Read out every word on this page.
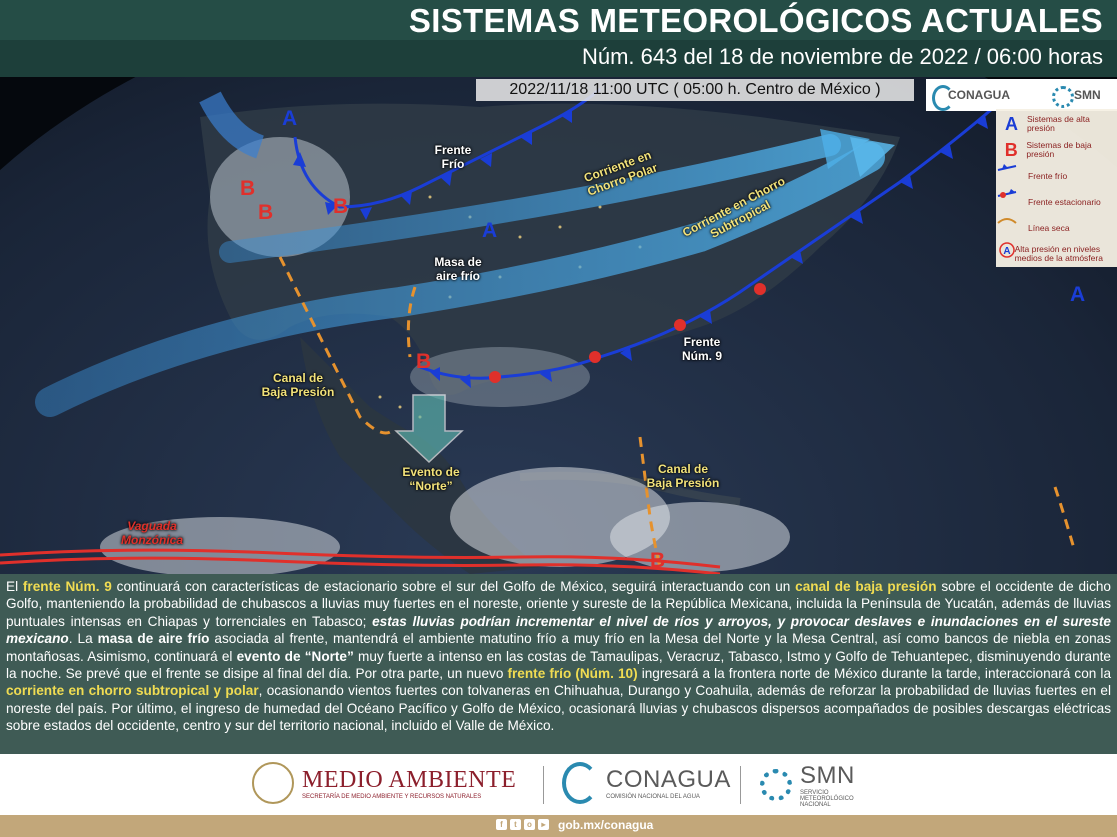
SISTEMAS METEOROLÓGICOS ACTUALES
Núm. 643 del 18 de noviembre de 2022 / 06:00 horas
2022/11/18 11:00 UTC ( 05:00 h. Centro de México )	CONAGUA	SMN
A	Sistemas de alta presión
B	Sistemas de baja presión
Frente frío
Frente estacionario
Línea seca
A Alta presión en niveles medios de la atmósfera
A
A
A
B
B	B
B
B
Frente Frío	Corriente en Chorro Polar	Corriente en Chorro Subtropical
Masa de aire frío
Frente Núm. 9
Canal de Baja Presión
Canal de Baja Presión
Evento de “Norte”
Vaguada Monzónica

El frente Núm. 9 continuará con características de estacionario sobre el sur del Golfo de México, seguirá interactuando con un canal de baja presión sobre el occidente de dicho Golfo, manteniendo la probabilidad de chubascos a lluvias muy fuertes en el noreste, oriente y sureste de la República Mexicana, incluida la Península de Yucatán, además de lluvias puntuales intensas en Chiapas y torrenciales en Tabasco; estas lluvias podrían incrementar el nivel de ríos y arroyos, y provocar deslaves e inundaciones en el sureste mexicano. La masa de aire frío asociada al frente, mantendrá el ambiente matutino frío a muy frío en la Mesa del Norte y la Mesa Central, así como bancos de niebla en zonas montañosas. Asimismo, continuará el evento de “Norte” muy fuerte a intenso en las costas de Tamaulipas, Veracruz, Tabasco, Istmo y Golfo de Tehuantepec, disminuyendo durante la noche. Se prevé que el frente se disipe al final del día. Por otra parte, un nuevo frente frío (Núm. 10) ingresará a la frontera norte de México durante la tarde, interaccionará con la corriente en chorro subtropical y polar, ocasionando vientos fuertes con tolvaneras en Chihuahua, Durango y Coahuila, además de reforzar la probabilidad de lluvias fuertes en el noreste del país. Por último, el ingreso de humedad del Océano Pacífico y Golfo de México, ocasionará lluvias y chubascos dispersos acompañados de posibles descargas eléctricas sobre estados del occidente, centro y sur del territorio nacional, incluido el Valle de México.

MEDIO AMBIENTE
SECRETARÍA DE MEDIO AMBIENTE Y RECURSOS NATURALES
CONAGUA
COMISIÓN NACIONAL DEL AGUA
SMN
SERVICIO METEOROLÓGICO NACIONAL
f	t	o	▸ gob.mx/conagua
